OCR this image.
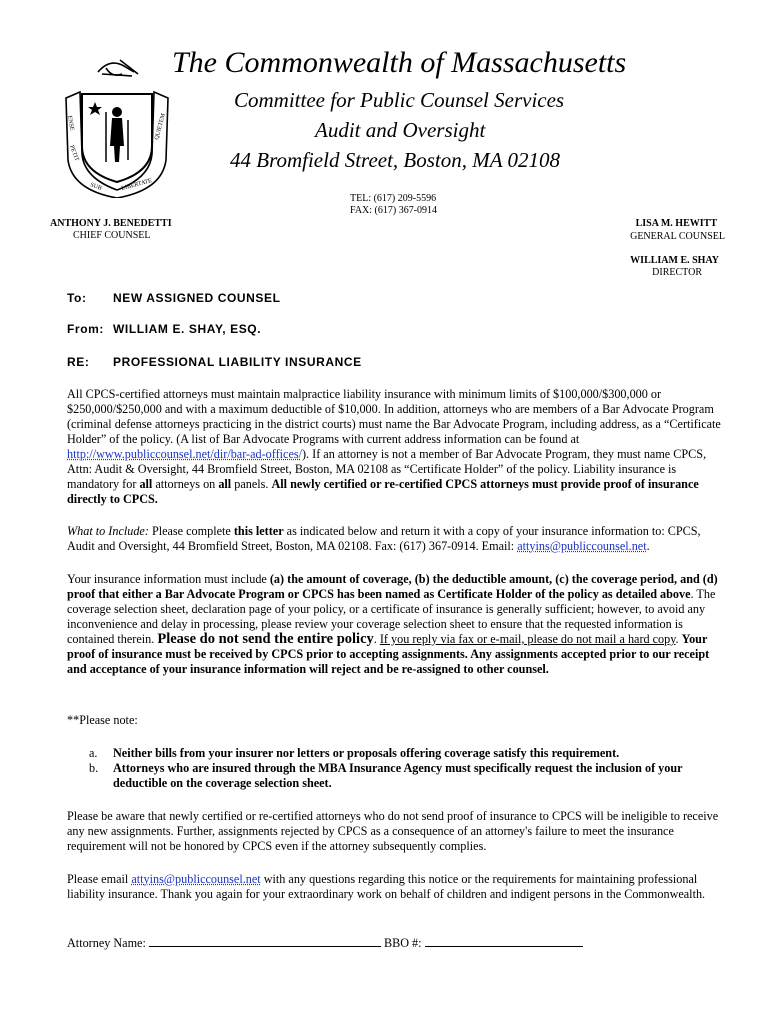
ENSE
PETIT
SUB	LIBERTATE
QUIETEM
The Commonwealth of Massachusetts
Committee for Public Counsel Services
Audit and Oversight
44 Bromfield Street, Boston, MA 02108
TEL: (617) 209-5596
FAX: (617) 367-0914
ANTHONY J. BENEDETTI
CHIEF COUNSEL
LISA M. HEWITT
GENERAL COUNSEL
WILLIAM E. SHAY
DIRECTOR
To: NEW ASSIGNED COUNSEL
From: WILLIAM E. SHAY, ESQ.
RE: PROFESSIONAL LIABILITY INSURANCE
All CPCS-certified attorneys must maintain malpractice liability insurance with minimum limits of $100,000/$300,000 or $250,000/$250,000 and with a maximum deductible of $10,000. In addition, attorneys who are members of a Bar Advocate Program (criminal defense attorneys practicing in the district courts) must name the Bar Advocate Program, including address, as a “Certificate Holder” of the policy. (A list of Bar Advocate Programs with current address information can be found at http://www.publiccounsel.net/dir/bar-ad-offices/). If an attorney is not a member of Bar Advocate Program, they must name CPCS, Attn: Audit & Oversight, 44 Bromfield Street, Boston, MA 02108 as “Certificate Holder” of the policy. Liability insurance is mandatory for all attorneys on all panels. All newly certified or re-certified CPCS attorneys must provide proof of insurance directly to CPCS.
What to Include: Please complete this letter as indicated below and return it with a copy of your insurance information to: CPCS, Audit and Oversight, 44 Bromfield Street, Boston, MA 02108. Fax: (617) 367-0914. Email: attyins@publiccounsel.net.
Your insurance information must include (a) the amount of coverage, (b) the deductible amount, (c) the coverage period, and (d) proof that either a Bar Advocate Program or CPCS has been named as Certificate Holder of the policy as detailed above. The coverage selection sheet, declaration page of your policy, or a certificate of insurance is generally sufficient; however, to avoid any inconvenience and delay in processing, please review your coverage selection sheet to ensure that the requested information is contained therein. Please do not send the entire policy. If you reply via fax or e-mail, please do not mail a hard copy. Your proof of insurance must be received by CPCS prior to accepting assignments. Any assignments accepted prior to our receipt and acceptance of your insurance information will reject and be re-assigned to other counsel.
**Please note:
a.	Neither bills from your insurer nor letters or proposals offering coverage satisfy this requirement.
b.	Attorneys who are insured through the MBA Insurance Agency must specifically request the inclusion of your deductible on the coverage selection sheet.
Please be aware that newly certified or re-certified attorneys who do not send proof of insurance to CPCS will be ineligible to receive any new assignments. Further, assignments rejected by CPCS as a consequence of an attorney's failure to meet the insurance requirement will not be honored by CPCS even if the attorney subsequently complies.
Please email attyins@publiccounsel.net with any questions regarding this notice or the requirements for maintaining professional liability insurance. Thank you again for your extraordinary work on behalf of children and indigent persons in the Commonwealth.
Attorney Name:	BBO #:
